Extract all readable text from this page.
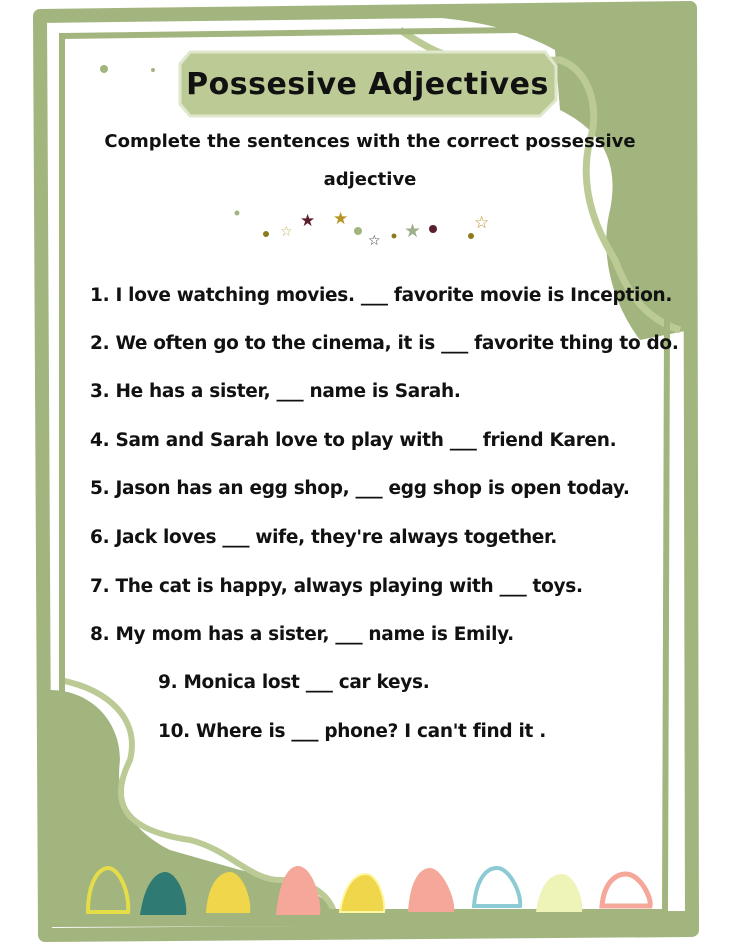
☆
★ ★
☆ ★	☆
Possesive Adjectives
Complete the sentences with the correct possessive
adjective
1. I love watching movies. ___ favorite movie is Inception.
2. We often go to the cinema, it is ___ favorite thing to do.
3. He has a sister, ___ name is Sarah.
4. Sam and Sarah love to play with ___ friend Karen.
5. Jason has an egg shop, ___ egg shop is open today.
6. Jack loves ___ wife, they're always together.
7. The cat is happy, always playing with ___ toys.
8. My mom has a sister, ___ name is Emily.
9. Monica lost ___ car keys.
10. Where is ___ phone? I can't find it .
